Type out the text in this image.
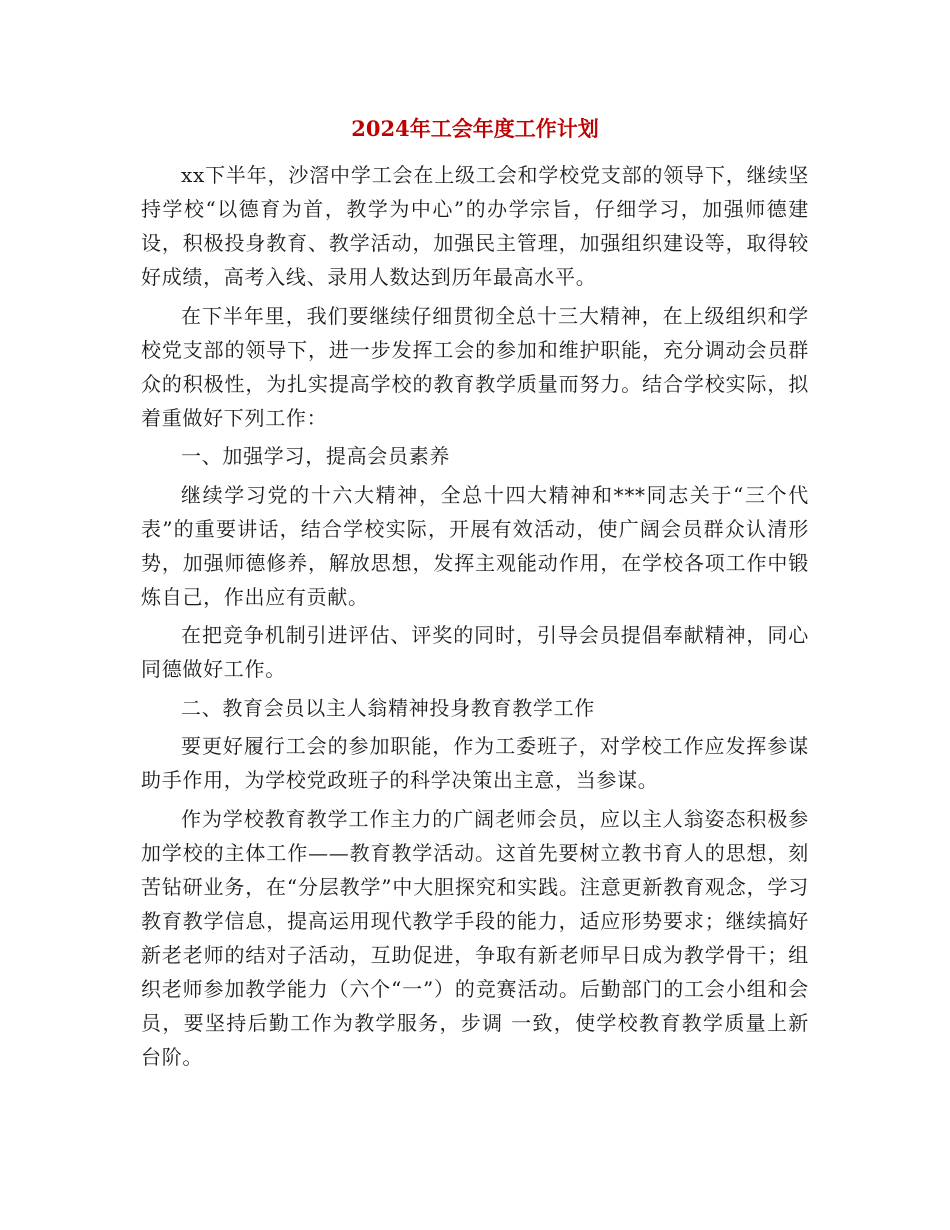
2024年工会年度工作计划

xx下半年，沙滘中学工会在上级工会和学校党支部的领导下，继续坚持学校“以德育为首，教学为中心”的办学宗旨，仔细学习，加强师德建设，积极投身教育、教学活动，加强民主管理，加强组织建设等，取得较好成绩，高考入线、录用人数达到历年最高水平。

在下半年里，我们要继续仔细贯彻全总十三大精神，在上级组织和学校党支部的领导下，进一步发挥工会的参加和维护职能，充分调动会员群众的积极性，为扎实提高学校的教育教学质量而努力。结合学校实际，拟着重做好下列工作：

一、加强学习，提高会员素养

继续学习党的十六大精神，全总十四大精神和***同志关于“三个代表”的重要讲话，结合学校实际，开展有效活动，使广阔会员群众认清形势，加强师德修养，解放思想，发挥主观能动作用，在学校各项工作中锻炼自己，作出应有贡献。

在把竞争机制引进评估、评奖的同时，引导会员提倡奉献精神，同心同德做好工作。

二、教育会员以主人翁精神投身教育教学工作

要更好履行工会的参加职能，作为工委班子，对学校工作应发挥参谋助手作用，为学校党政班子的科学决策出主意，当参谋。

作为学校教育教学工作主力的广阔老师会员，应以主人翁姿态积极参加学校的主体工作——教育教学活动。这首先要树立教书育人的思想，刻苦钻研业务，在“分层教学”中大胆探究和实践。注意更新教育观念，学习教育教学信息，提高运用现代教学手段的能力，适应形势要求；继续搞好新老老师的结对子活动，互助促进，争取有新老师早日成为教学骨干；组织老师参加教学能力（六个“一”）的竞赛活动。后勤部门的工会小组和会员，要坚持后勤工作为教学服务，步调 一致，使学校教育教学质量上新台阶。
